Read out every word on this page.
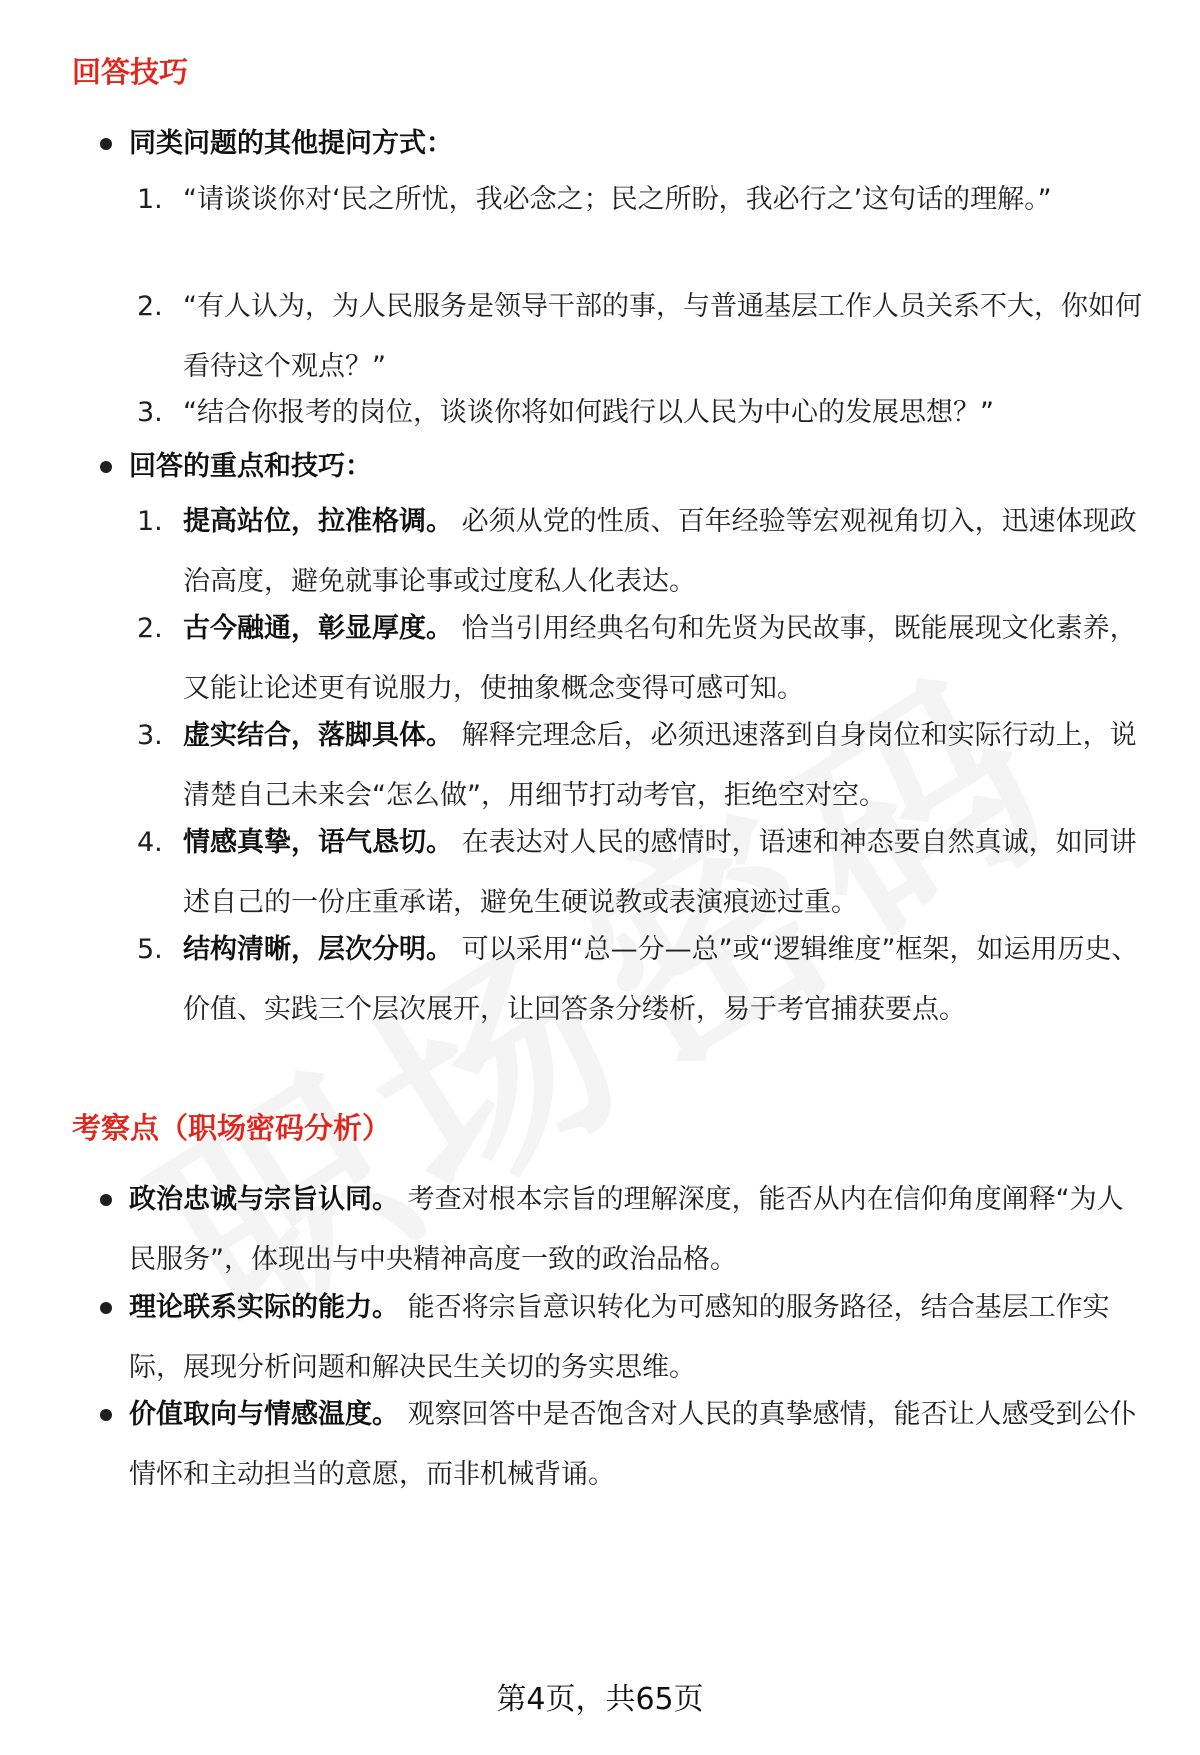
回答技巧
同类问题的其他提问方式：
1. “请谈谈你对‘民之所忧，我必念之；民之所盼，我必行之’这句话的理解。”
2. “有人认为，为人民服务是领导干部的事，与普通基层工作人员关系不大，你如何看待这个观点？”
3. “结合你报考的岗位，谈谈你将如何践行以人民为中心的发展思想？”
回答的重点和技巧：
1. 提高站位，拉准格调。 必须从党的性质、百年经验等宏观视角切入，迅速体现政治高度，避免就事论事或过度私人化表达。
2. 古今融通，彰显厚度。 恰当引用经典名句和先贤为民故事，既能展现文化素养，又能让论述更有说服力，使抽象概念变得可感可知。
3. 虚实结合，落脚具体。 解释完理念后，必须迅速落到自身岗位和实际行动上，说清楚自己未来会“怎么做”，用细节打动考官，拒绝空对空。
4. 情感真挚，语气恳切。 在表达对人民的感情时，语速和神态要自然真诚，如同讲述自己的一份庄重承诺，避免生硬说教或表演痕迹过重。
5. 结构清晰，层次分明。 可以采用“总—分—总”或“逻辑维度”框架，如运用历史、价值、实践三个层次展开，让回答条分缕析，易于考官捕获要点。
考察点（职场密码分析）
政治忠诚与宗旨认同。 考查对根本宗旨的理解深度，能否从内在信仰角度阐释“为人民服务”，体现出与中央精神高度一致的政治品格。
理论联系实际的能力。 能否将宗旨意识转化为可感知的服务路径，结合基层工作实际，展现分析问题和解决民生关切的务实思维。
价值取向与情感温度。 观察回答中是否饱含对人民的真挚感情，能否让人感受到公仆情怀和主动担当的意愿，而非机械背诵。
第4页，共65页
